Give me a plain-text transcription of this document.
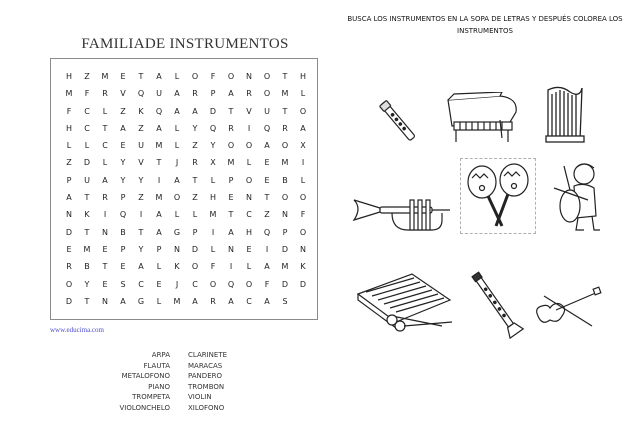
FAMILIADE INSTRUMENTOS
H	Z	M	E	T	A	L	O	F	O	N	O	T	H
M	F	R	V	Q	U	A	R	P	A	R	O	M	L
F	C	L	Z	K	Q	A	A	D	T	V	U	T	O
H	C	T	A	Z	A	L	Y	Q	R	I	Q	R	A
L	L	C	E	U	M	L	Z	Y	O	O	A	O	X
Z	D	L	Y	V	T	J	R	X	M	L	E	M	I
P	U	A	Y	Y	I	A	T	L	P	O	E	B	L
A	T	R	P	Z	M	O	Z	H	E	N	T	O	O
N	K	I	Q	I	A	L	L	M	T	C	Z	N	F
D	T	N	B	T	A	G	P	I	A	H	Q	P	O
E	M	E	P	Y	P	N	D	L	N	E	I	D	N
R	B	T	E	A	L	K	O	F	I	L	A	M	K
O	Y	E	S	C	E	J	C	O	Q	O	F	D	D
D	T	N	A	G	L	M	A	R	A	C	A	S
www.educima.com
ARPA
FLAUTA
METALOFONO
PIANO
TROMPETA
VIOLONCHELO
CLARINETE
MARACAS
PANDERO
TROMBON
VIOLIN
XILOFONO
BUSCA LOS INSTRUMENTOS EN LA SOPA DE LETRAS Y DESPUÉS COLOREA LOS INSTRUMENTOS
